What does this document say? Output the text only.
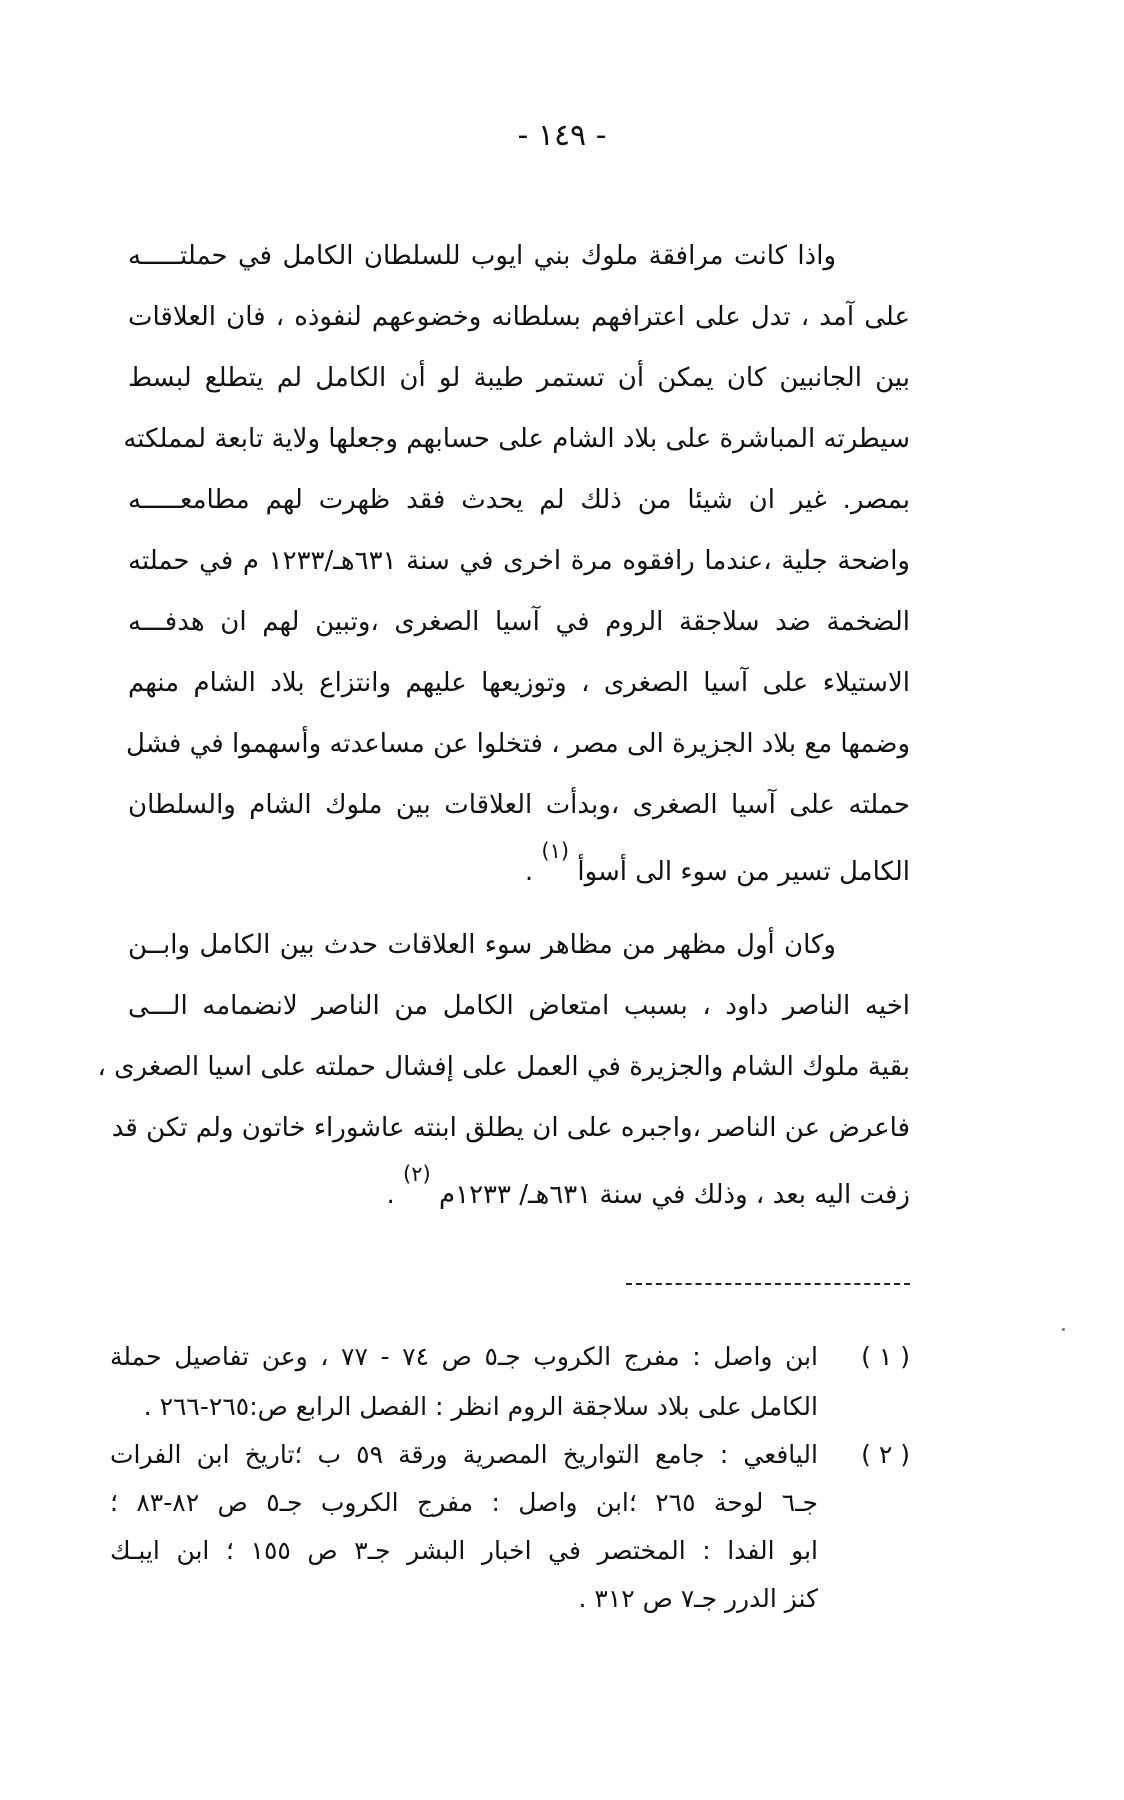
- ١٤٩ -
واذا كانت مرافقة ملوك بني ايوب للسلطان الكامل في حملتـــــه
على آمد ، تدل على اعترافهم بسلطانه وخضوعهم لنفوذه ، فان العلاقات
بين الجانبين كان يمكن أن تستمر طيبة لو أن الكامل لم يتطلع لبسط
سيطرته المباشرة على بلاد الشام على حسابهم وجعلها ولاية تابعة لمملكته
بمصر. غير ان شيئا من ذلك لم يحدث فقد ظهرت لهم مطامعـــــه
واضحة جلية ،عندما رافقوه مرة اخرى في سنة ٦٣١هـ/١٢٣٣ م في حملته
الضخمة ضد سلاجقة الروم في آسيا الصغرى ،وتبين لهم ان هدفـــه
الاستيلاء على آسيا الصغرى ، وتوزيعها عليهم وانتزاع بلاد الشام منهم
وضمها مع بلاد الجزيرة الى مصر ، فتخلوا عن مساعدته وأسهموا في فشل
حملته على آسيا الصغرى ،وبدأت العلاقات بين ملوك الشام والسلطان
الكامل تسير من سوء الى أسوأ $^{(١)}$ .
وكان أول مظهر من مظاهر سوء العلاقات حدث بين الكامل وابــن
اخيه الناصر داود ، بسبب امتعاض الكامل من الناصر لانضمامه الـــى
بقية ملوك الشام والجزيرة في العمل على إفشال حملته على اسيا الصغرى ،
فاعرض عن الناصر ،واجبره على ان يطلق ابنته عاشوراء خاتون ولم تكن قد
زفت اليه بعد ، وذلك في سنة ٦٣١هـ/ ١٢٣٣م $^{(٢)}$ .
( ١ )
ابن واصل : مفرج الكروب جـ٥ ص ٧٤ - ٧٧ ، وعن تفاصيل حملة
الكامل على بلاد سلاجقة الروم انظر : الفصل الرابع ص:٢٦٥-٢٦٦ .
( ٢ )
اليافعي : جامع التواريخ المصرية ورقة ٥٩ ب ؛تاريخ ابن الفرات
جـ٦ لوحة ٢٦٥ ؛ابن واصل : مفرج الكروب جـ٥ ص ٨٢-٨٣ ؛
ابو الفدا : المختصر في اخبار البشر جـ٣ ص ١٥٥ ؛ ابن ايبـك
كنز الدرر جـ٧ ص ٣١٢ .
